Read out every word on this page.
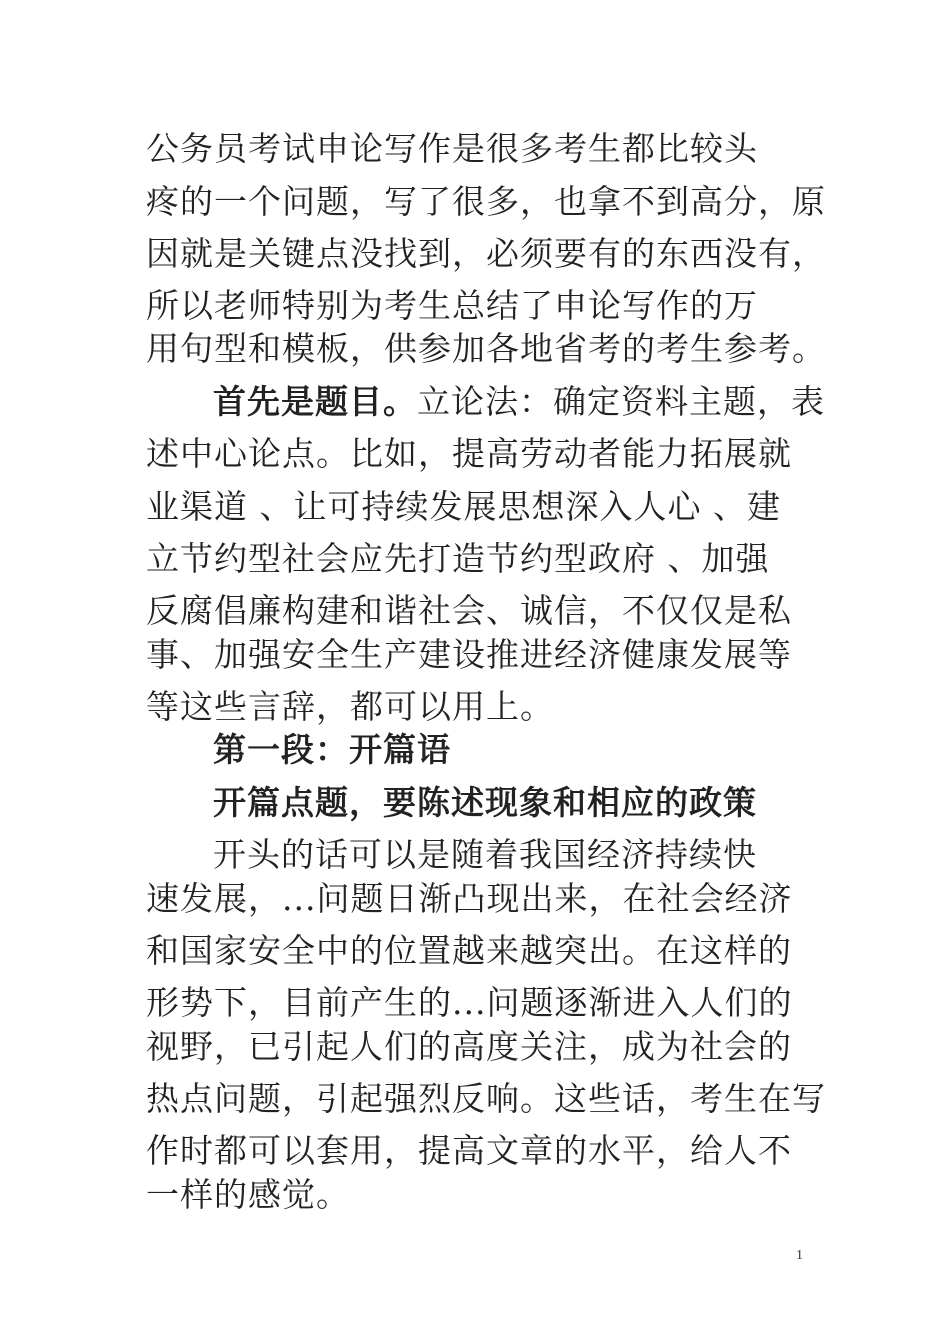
公务员考试申论写作是很多考生都比较头
疼的一个问题，写了很多，也拿不到高分，原
因就是关键点没找到，必须要有的东西没有，
所以老师特别为考生总结了申论写作的万
用句型和模板，供参加各地省考的考生参考。
首先是题目。立论法：确定资料主题，表
述中心论点。比如，提高劳动者能力拓展就
业渠道 、让可持续发展思想深入人心 、建
立节约型社会应先打造节约型政府 、加强
反腐倡廉构建和谐社会、诚信，不仅仅是私
事、加强安全生产建设推进经济健康发展等
等这些言辞，都可以用上。
第一段：开篇语
开篇点题，要陈述现象和相应的政策
开头的话可以是随着我国经济持续快
速发展，...问题日渐凸现出来，在社会经济
和国家安全中的位置越来越突出。在这样的
形势下，目前产生的...问题逐渐进入人们的
视野，已引起人们的高度关注，成为社会的
热点问题，引起强烈反响。这些话，考生在写
作时都可以套用，提高文章的水平，给人不
一样的感觉。
1
